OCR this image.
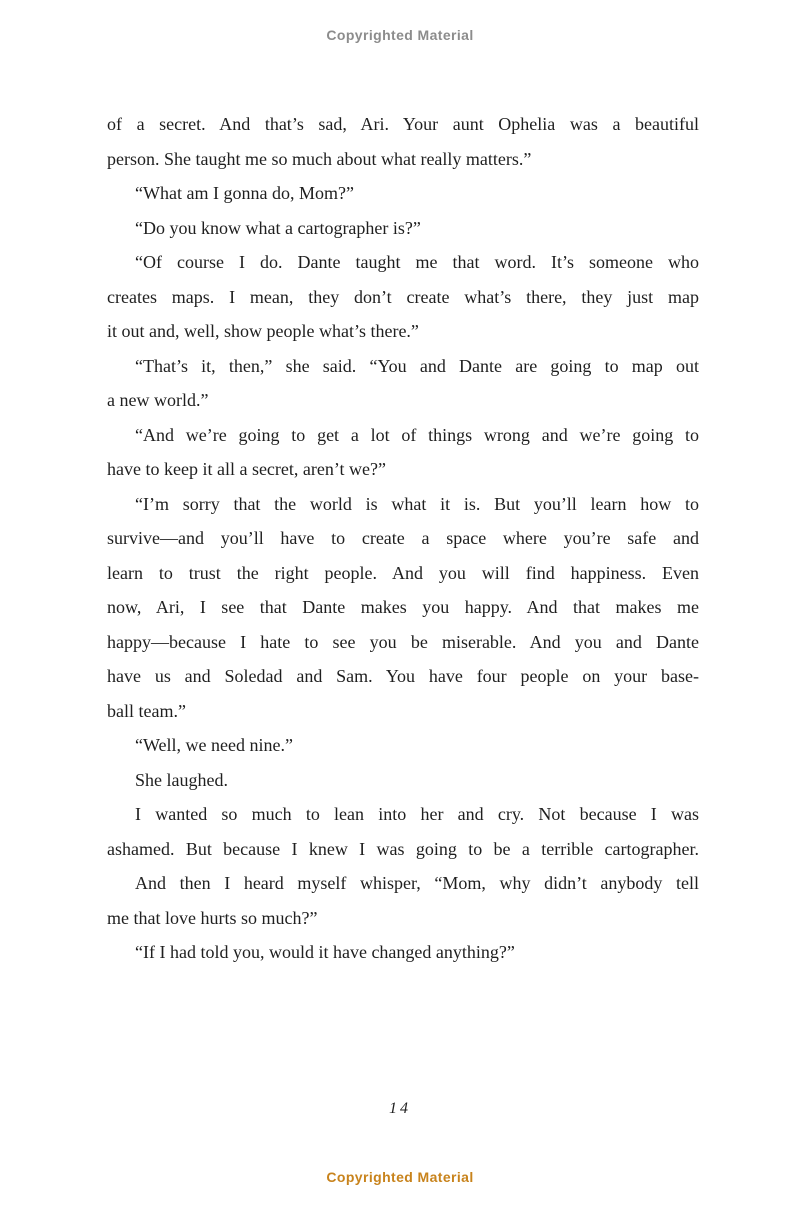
Copyrighted Material
of a secret. And that’s sad, Ari. Your aunt Ophelia was a beautiful
person. She taught me so much about what really matters.”
“What am I gonna do, Mom?”
“Do you know what a cartographer is?”
“Of course I do. Dante taught me that word. It’s someone who
creates maps. I mean, they don’t create what’s there, they just map
it out and, well, show people what’s there.”
“That’s it, then,” she said. “You and Dante are going to map out
a new world.”
“And we’re going to get a lot of things wrong and we’re going to
have to keep it all a secret, aren’t we?”
“I’m sorry that the world is what it is. But you’ll learn how to
survive—and you’ll have to create a space where you’re safe and
learn to trust the right people. And you will find happiness. Even
now, Ari, I see that Dante makes you happy. And that makes me
happy—because I hate to see you be miserable. And you and Dante
have us and Soledad and Sam. You have four people on your base-
ball team.”
“Well, we need nine.”
She laughed.
I wanted so much to lean into her and cry. Not because I was
ashamed. But because I knew I was going to be a terrible cartographer.
And then I heard myself whisper, “Mom, why didn’t anybody tell
me that love hurts so much?”
“If I had told you, would it have changed anything?”
14
Copyrighted Material
